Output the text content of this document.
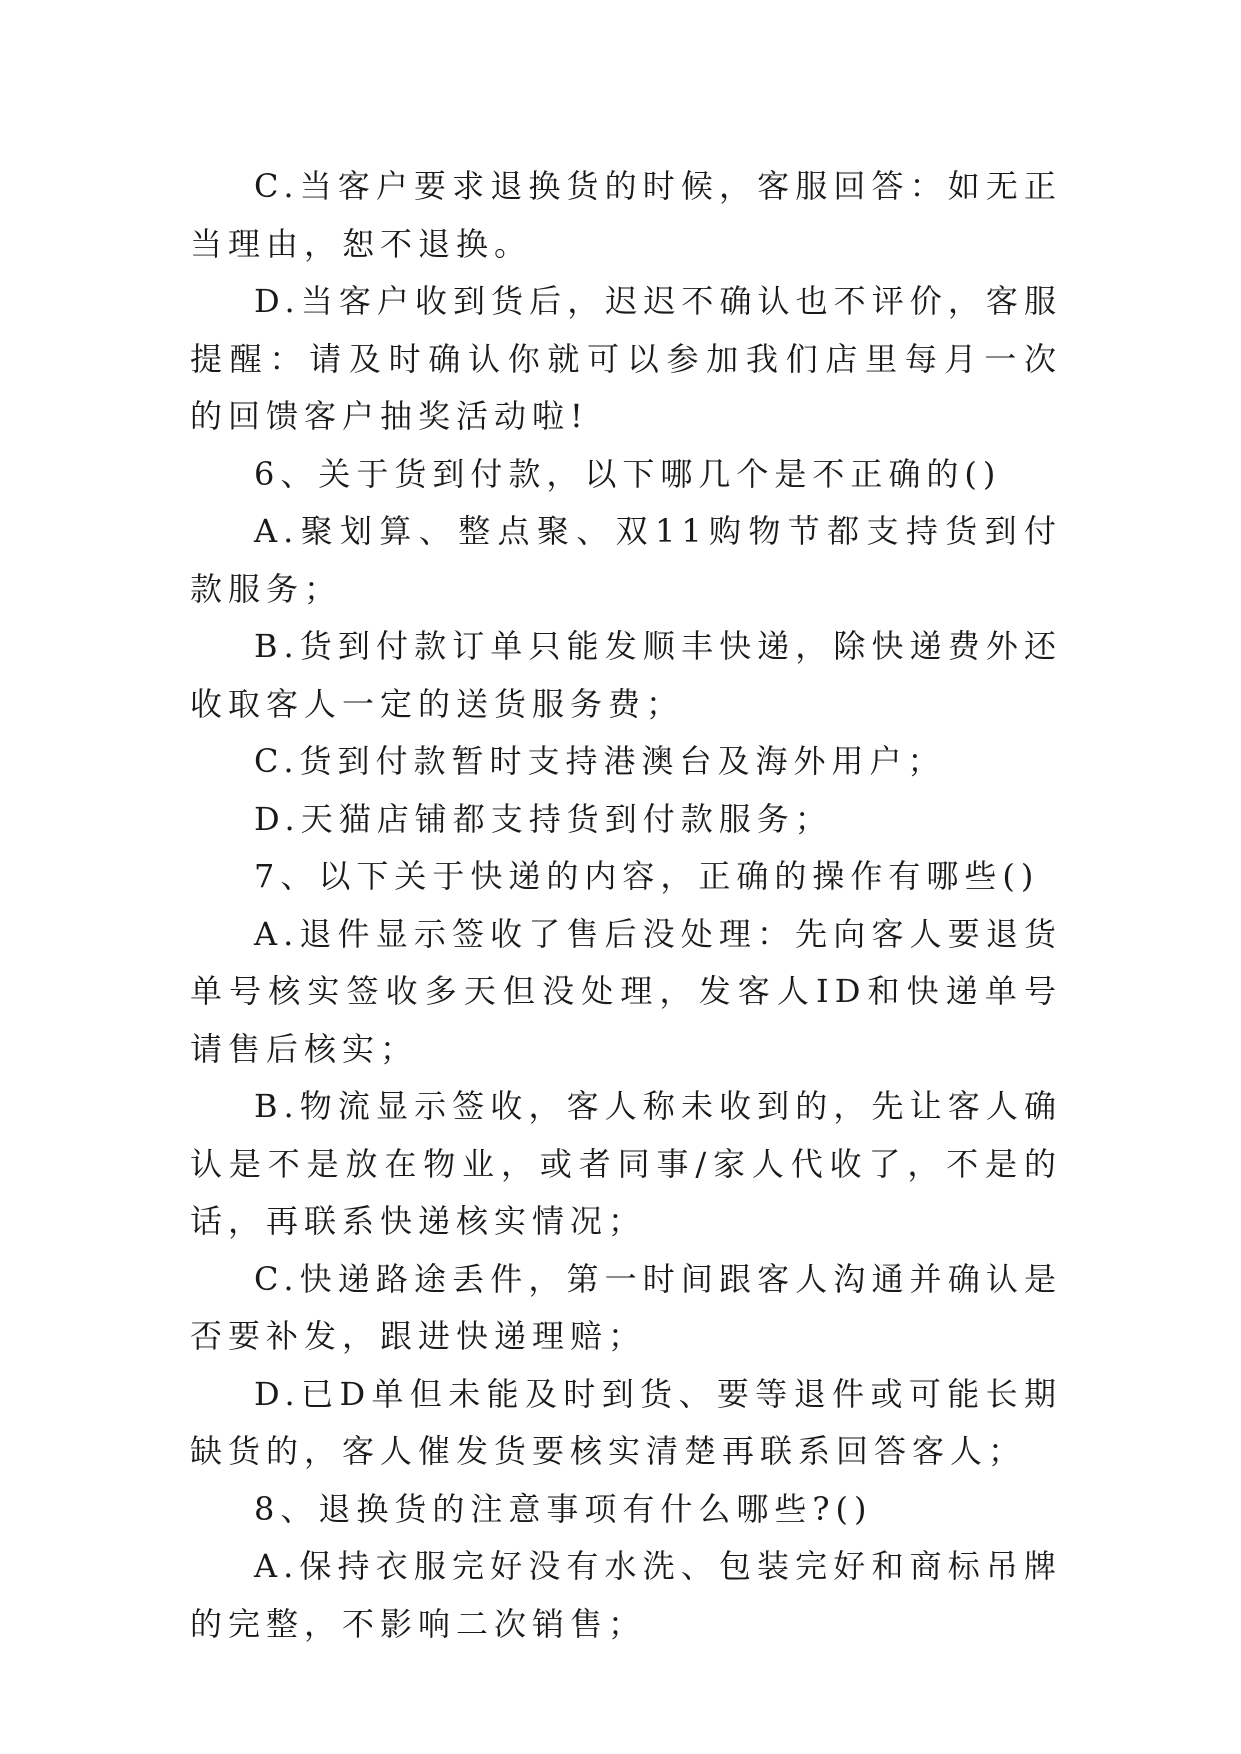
C.当客户要求退换货的时候，客服回答：如无正当理由，恕不退换。

D.当客户收到货后，迟迟不确认也不评价，客服提醒：请及时确认你就可以参加我们店里每月一次的回馈客户抽奖活动啦!

6、关于货到付款，以下哪几个是不正确的()

A.聚划算、整点聚、双11购物节都支持货到付款服务；

B.货到付款订单只能发顺丰快递，除快递费外还收取客人一定的送货服务费；

C.货到付款暂时支持港澳台及海外用户；

D.天猫店铺都支持货到付款服务；

7、以下关于快递的内容，正确的操作有哪些()

A.退件显示签收了售后没处理：先向客人要退货单号核实签收多天但没处理，发客人ID和快递单号请售后核实；

B.物流显示签收，客人称未收到的，先让客人确认是不是放在物业，或者同事/家人代收了，不是的话，再联系快递核实情况；

C.快递路途丢件，第一时间跟客人沟通并确认是否要补发，跟进快递理赔；

D.已D单但未能及时到货、要等退件或可能长期缺货的，客人催发货要核实清楚再联系回答客人；

8、退换货的注意事项有什么哪些?()

A.保持衣服完好没有水洗、包装完好和商标吊牌的完整，不影响二次销售；
